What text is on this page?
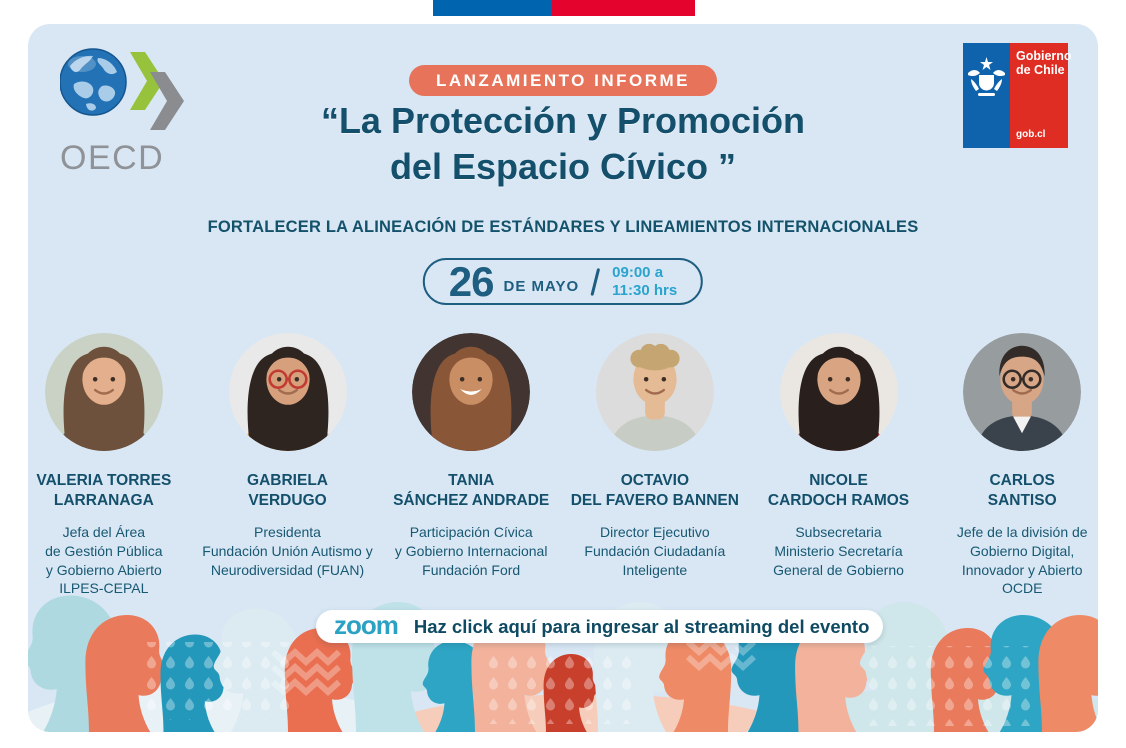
OECD
Gobierno
de Chile
gob.cl
LANZAMIENTO INFORME
“La Protección y Promoción
del Espacio Cívico ”
FORTALECER LA ALINEACIÓN DE ESTÁNDARES Y LINEAMIENTOS INTERNACIONALES
26 DE MAYO
09:00 a
11:30 hrs
VALERIA TORRES
LARRANAGA
Jefa del Área
de Gestión Pública
y Gobierno Abierto
ILPES-CEPAL
GABRIELA
VERDUGO
Presidenta
Fundación Unión Autismo y
Neurodiversidad (FUAN)
TANIA
SÁNCHEZ ANDRADE
Participación Cívica
y Gobierno Internacional
Fundación Ford
OCTAVIO
DEL FAVERO BANNEN
Director Ejecutivo
Fundación Ciudadanía
Inteligente
NICOLE
CARDOCH RAMOS
Subsecretaria
Ministerio Secretaría
General de Gobierno
CARLOS
SANTISO
Jefe de la división de
Gobierno Digital,
Innovador y Abierto
OCDE
zoom Haz click aquí para ingresar al streaming del evento
